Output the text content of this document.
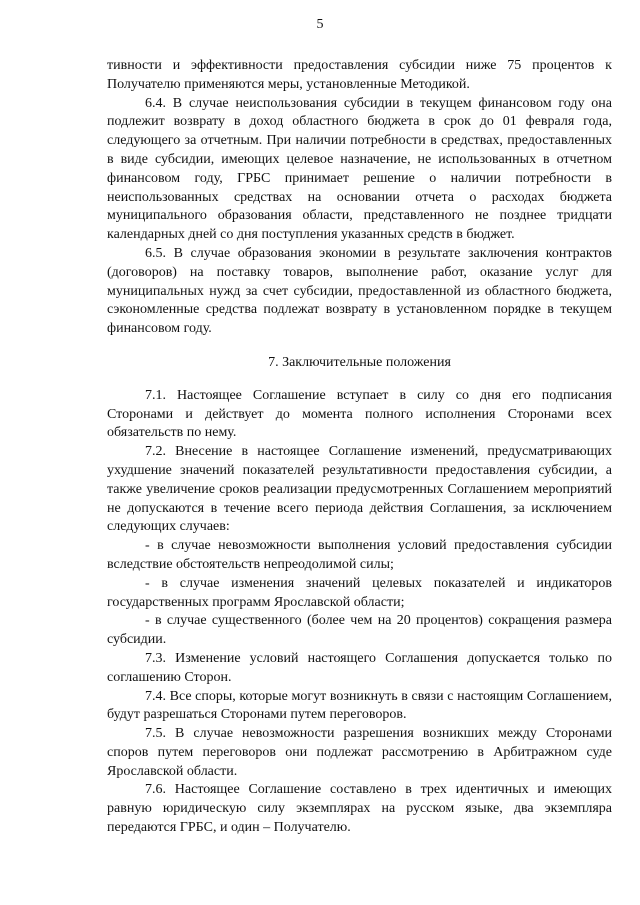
5

тивности и эффективности предоставления субсидии ниже 75 процентов к Получателю применяются меры, установленные Методикой.

6.4. В случае неиспользования субсидии в текущем финансовом году она подлежит возврату в доход областного бюджета в срок до 01 февраля года, следующего за отчетным. При наличии потребности в средствах, предоставленных в виде субсидии, имеющих целевое назначение, не использованных в отчетном финансовом году, ГРБС принимает решение о наличии потребности в неиспользованных средствах на основании отчета о расходах бюджета муниципального образования области, представленного не позднее тридцати календарных дней со дня поступления указанных средств в бюджет.

6.5. В случае образования экономии в результате заключения контрактов (договоров) на поставку товаров, выполнение работ, оказание услуг для муниципальных нужд за счет субсидии, предоставленной из областного бюджета, сэкономленные средства подлежат возврату в установленном порядке в текущем финансовом году.

7. Заключительные положения

7.1. Настоящее Соглашение вступает в силу со дня его подписания Сторонами и действует до момента полного исполнения Сторонами всех обязательств по нему.

7.2. Внесение в настоящее Соглашение изменений, предусматривающих ухудшение значений показателей результативности предоставления субсидии, а также увеличение сроков реализации предусмотренных Соглашением мероприятий не допускаются в течение всего периода действия Соглашения, за исключением следующих случаев:

- в случае невозможности выполнения условий предоставления субсидии вследствие обстоятельств непреодолимой силы;

- в случае изменения значений целевых показателей и индикаторов государственных программ Ярославской области;

- в случае существенного (более чем на 20 процентов) сокращения размера субсидии.

7.3. Изменение условий настоящего Соглашения допускается только по соглашению Сторон.

7.4. Все споры, которые могут возникнуть в связи с настоящим Соглашением, будут разрешаться Сторонами путем переговоров.

7.5. В случае невозможности разрешения возникших между Сторонами споров путем переговоров они подлежат рассмотрению в Арбитражном суде Ярославской области.

7.6. Настоящее Соглашение составлено в трех идентичных и имеющих равную юридическую силу экземплярах на русском языке, два экземпляра передаются ГРБС, и один – Получателю.
